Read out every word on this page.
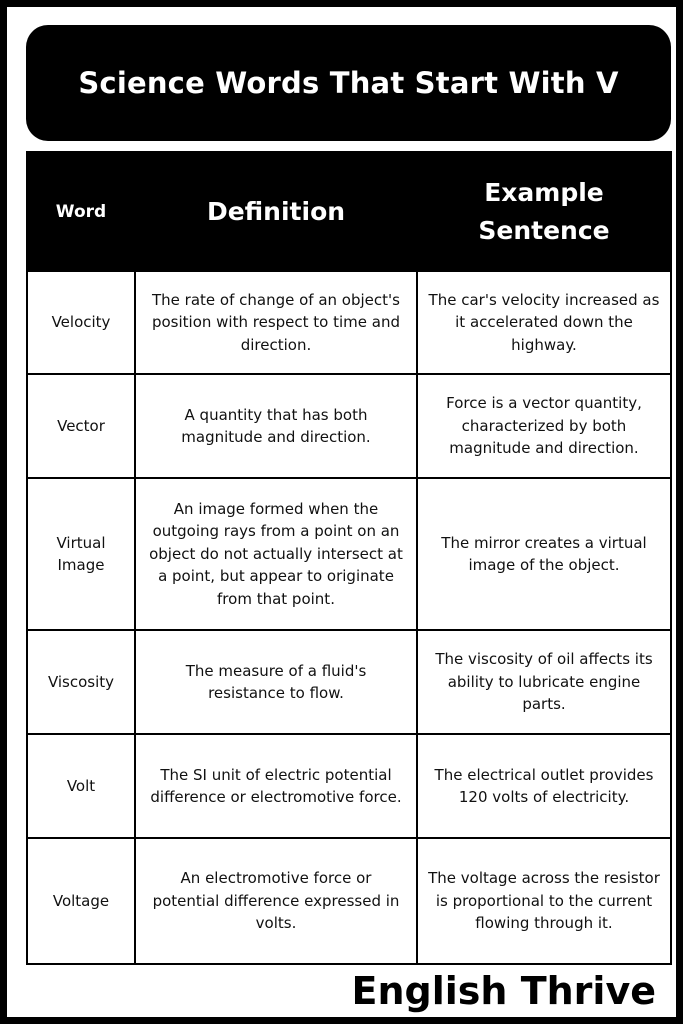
Science Words That Start With V
Word	Definition	Example Sentence
Velocity	The rate of change of an object's position with respect to time and direction.	The car's velocity increased as it accelerated down the highway.
Vector	A quantity that has both magnitude and direction.	Force is a vector quantity, characterized by both magnitude and direction.
Virtual Image	An image formed when the outgoing rays from a point on an object do not actually intersect at a point, but appear to originate from that point.	The mirror creates a virtual image of the object.
Viscosity	The measure of a fluid's resistance to flow.	The viscosity of oil affects its ability to lubricate engine parts.
Volt	The SI unit of electric potential difference or electromotive force.	The electrical outlet provides 120 volts of electricity.
Voltage	An electromotive force or potential difference expressed in volts.	The voltage across the resistor is proportional to the current flowing through it.
English Thrive
